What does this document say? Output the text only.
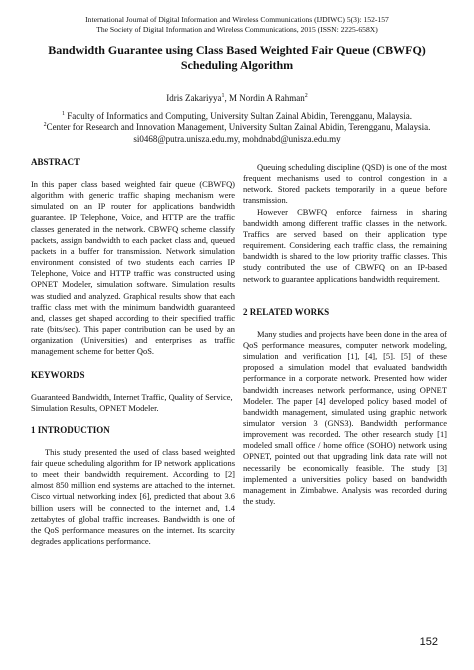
International Journal of Digital Information and Wireless Communications (IJDIWC) 5(3): 152-157
The Society of Digital Information and Wireless Communications, 2015 (ISSN: 2225-658X)
Bandwidth Guarantee using Class Based Weighted Fair Queue (CBWFQ)
Scheduling Algorithm
Idris Zakariyya$^1$, M Nordin A Rahman$^2$

$^1$ Faculty of Informatics and Computing, University Sultan Zainal Abidin, Terengganu, Malaysia.

$^2$Center for Research and Innovation Management, University Sultan Zainal Abidin, Terengganu, Malaysia.

si0468@putra.unisza.edu.my, mohdnabd@unisza.edu.my

ABSTRACT

In this paper class based weighted fair queue (CBWFQ) algorithm with generic traffic shaping mechanism were simulated on an IP router for applications bandwidth guarantee. IP Telephone, Voice, and HTTP are the traffic classes generated in the network. CBWFQ scheme classify packets, assign bandwidth to each packet class and, queued packets in a buffer for transmission. Network simulation environment consisted of two students each carries IP Telephone, Voice and HTTP traffic was constructed using OPNET Modeler, simulation software. Simulation results was studied and analyzed. Graphical results show that each traffic class met with the minimum bandwidth guaranteed and, classes get shaped according to their specified traffic rate (bits/sec). This paper contribution can be used by an organization (Universities) and enterprises as traffic management scheme for better QoS.

KEYWORDS

Guaranteed Bandwidth, Internet Traffic, Quality of Service, Simulation Results, OPNET Modeler.

1 INTRODUCTION

This study presented the used of class based weighted fair queue scheduling algorithm for IP network applications to meet their bandwidth requirement. According to [2] almost 850 million end systems are attached to the internet. Cisco virtual networking index [6], predicted that about 3.6 billion users will be connected to the internet and, 1.4 zettabytes of global traffic increases. Bandwidth is one of the QoS performance measures on the internet. Its scarcity degrades applications performance.

Queuing scheduling discipline (QSD) is one of the most frequent mechanisms used to control congestion in a network. Stored packets temporarily in a queue before transmission.

However CBWFQ enforce fairness in sharing bandwidth among different traffic classes in the network. Traffics are served based on their application type requirement. Considering each traffic class, the remaining bandwidth is shared to the low priority traffic classes. This study contributed the use of CBWFQ on an IP-based network to guarantee applications bandwidth requirement.

2 RELATED WORKS

Many studies and projects have been done in the area of QoS performance measures, computer network modeling, simulation and verification [1], [4], [5]. [5] of these proposed a simulation model that evaluated bandwidth performance in a corporate network. Presented how wider bandwidth increases network performance, using OPNET Modeler. The paper [4] developed policy based model of bandwidth management, simulated using graphic network simulator version 3 (GNS3). Bandwidth performance improvement was recorded. The other research study [1] modeled small office / home office (SOHO) network using OPNET, pointed out that upgrading link data rate will not necessarily be economically feasible. The study [3] implemented a universities policy based on bandwidth management in Zimbabwe. Analysis was recorded during the study.

152
